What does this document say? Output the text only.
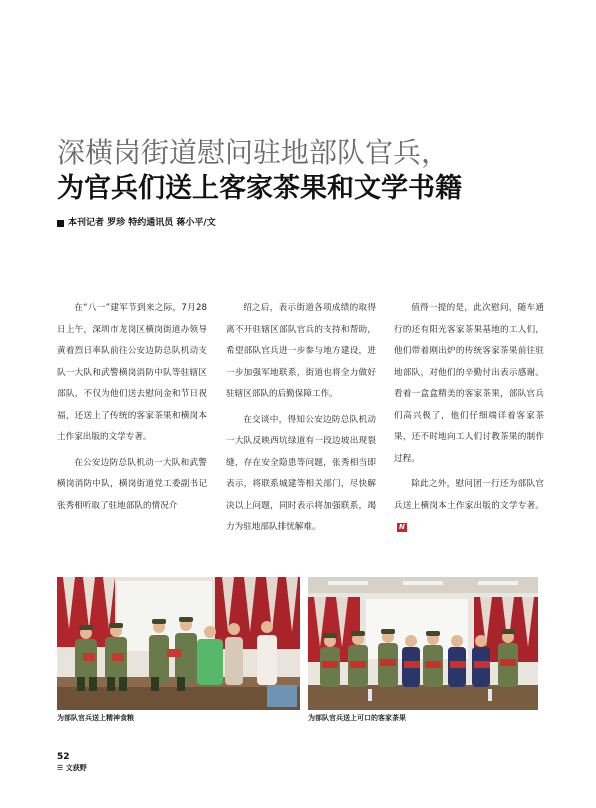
深横岗街道慰问驻地部队官兵，
为官兵们送上客家茶果和文学书籍
本刊记者 罗珍 特约通讯员 蒋小平/文

在“八一”建军节到来之际，7月28日上午，深圳市龙岗区横岗街道办领导黄着烈日率队前往公安边防总队机动支队一大队和武警横岗消防中队等驻辖区部队，不仅为他们送去慰问金和节日祝福，还送上了传统的客家茶果和横岗本土作家出版的文学专著。

在公安边防总队机动一大队和武警横岗消防中队，横岗街道党工委副书记张秀相听取了驻地部队的情况介

绍之后，表示街道各项成绩的取得离不开驻辖区部队官兵的支持和帮助，希望部队官兵进一步参与地方建设，进一步加强军地联系，街道也将全力做好驻辖区部队的后勤保障工作。

在交谈中，得知公安边防总队机动一大队反映西坑绿道有一段边坡出现裂缝，存在安全隐患等问题，张秀相当即表示，将联系城建等相关部门，尽快解决以上问题，同时表示将加强联系，竭力为驻地部队排忧解难。

值得一提的是，此次慰问，随车通行的还有阳光客家茶果基地的工人们，他们带着刚出炉的传统客家茶果前往驻地部队，对他们的辛勤付出表示感谢。看着一盒盒精美的客家茶果，部队官兵们高兴极了，他们仔细端详着客家茶果，还不时地向工人们讨教茶果的制作过程。

除此之外，慰问团一行还为部队官兵送上横岗本土作家出版的文学专著。N

为部队官兵送上精神食粮	为部队官兵送上可口的客家茶果
52
☰ 文获野
